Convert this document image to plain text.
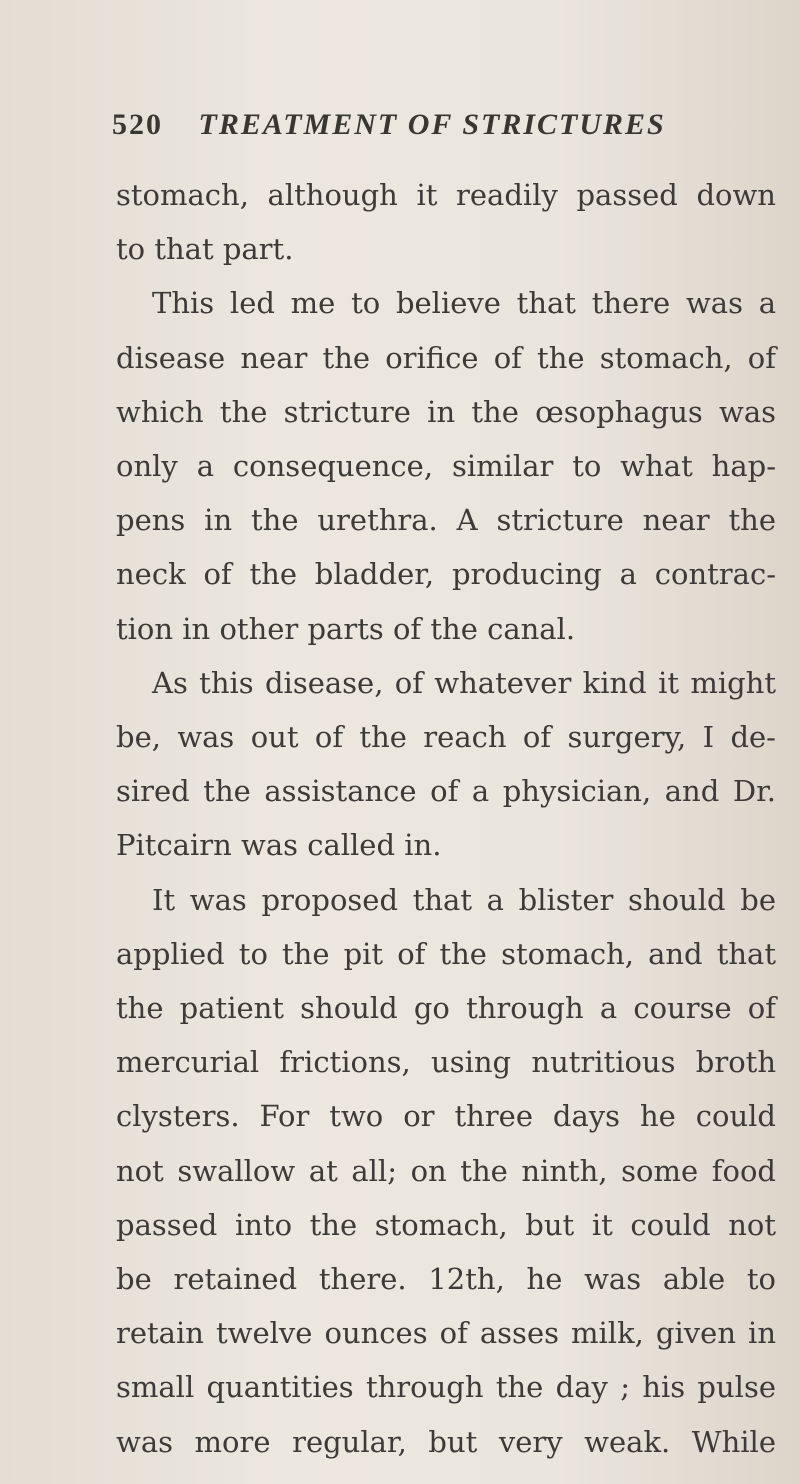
520 TREATMENT OF STRICTURES
stomach, although it readily passed down
to that part.
This led me to believe that there was a
disease near the orifice of the stomach, of
which the stricture in the œsophagus was
only a consequence, similar to what hap-
pens in the urethra. A stricture near the
neck of the bladder, producing a contrac-
tion in other parts of the canal.
As this disease, of whatever kind it might
be, was out of the reach of surgery, I de-
sired the assistance of a physician, and Dr.
Pitcairn was called in.
It was proposed that a blister should be
applied to the pit of the stomach, and that
the patient should go through a course of
mercurial frictions, using nutritious broth
clysters. For two or three days he could
not swallow at all; on the ninth, some food
passed into the stomach, but it could not
be retained there. 12th, he was able to
retain twelve ounces of asses milk, given in
small quantities through the day ; his pulse
was more regular, but very weak. While
